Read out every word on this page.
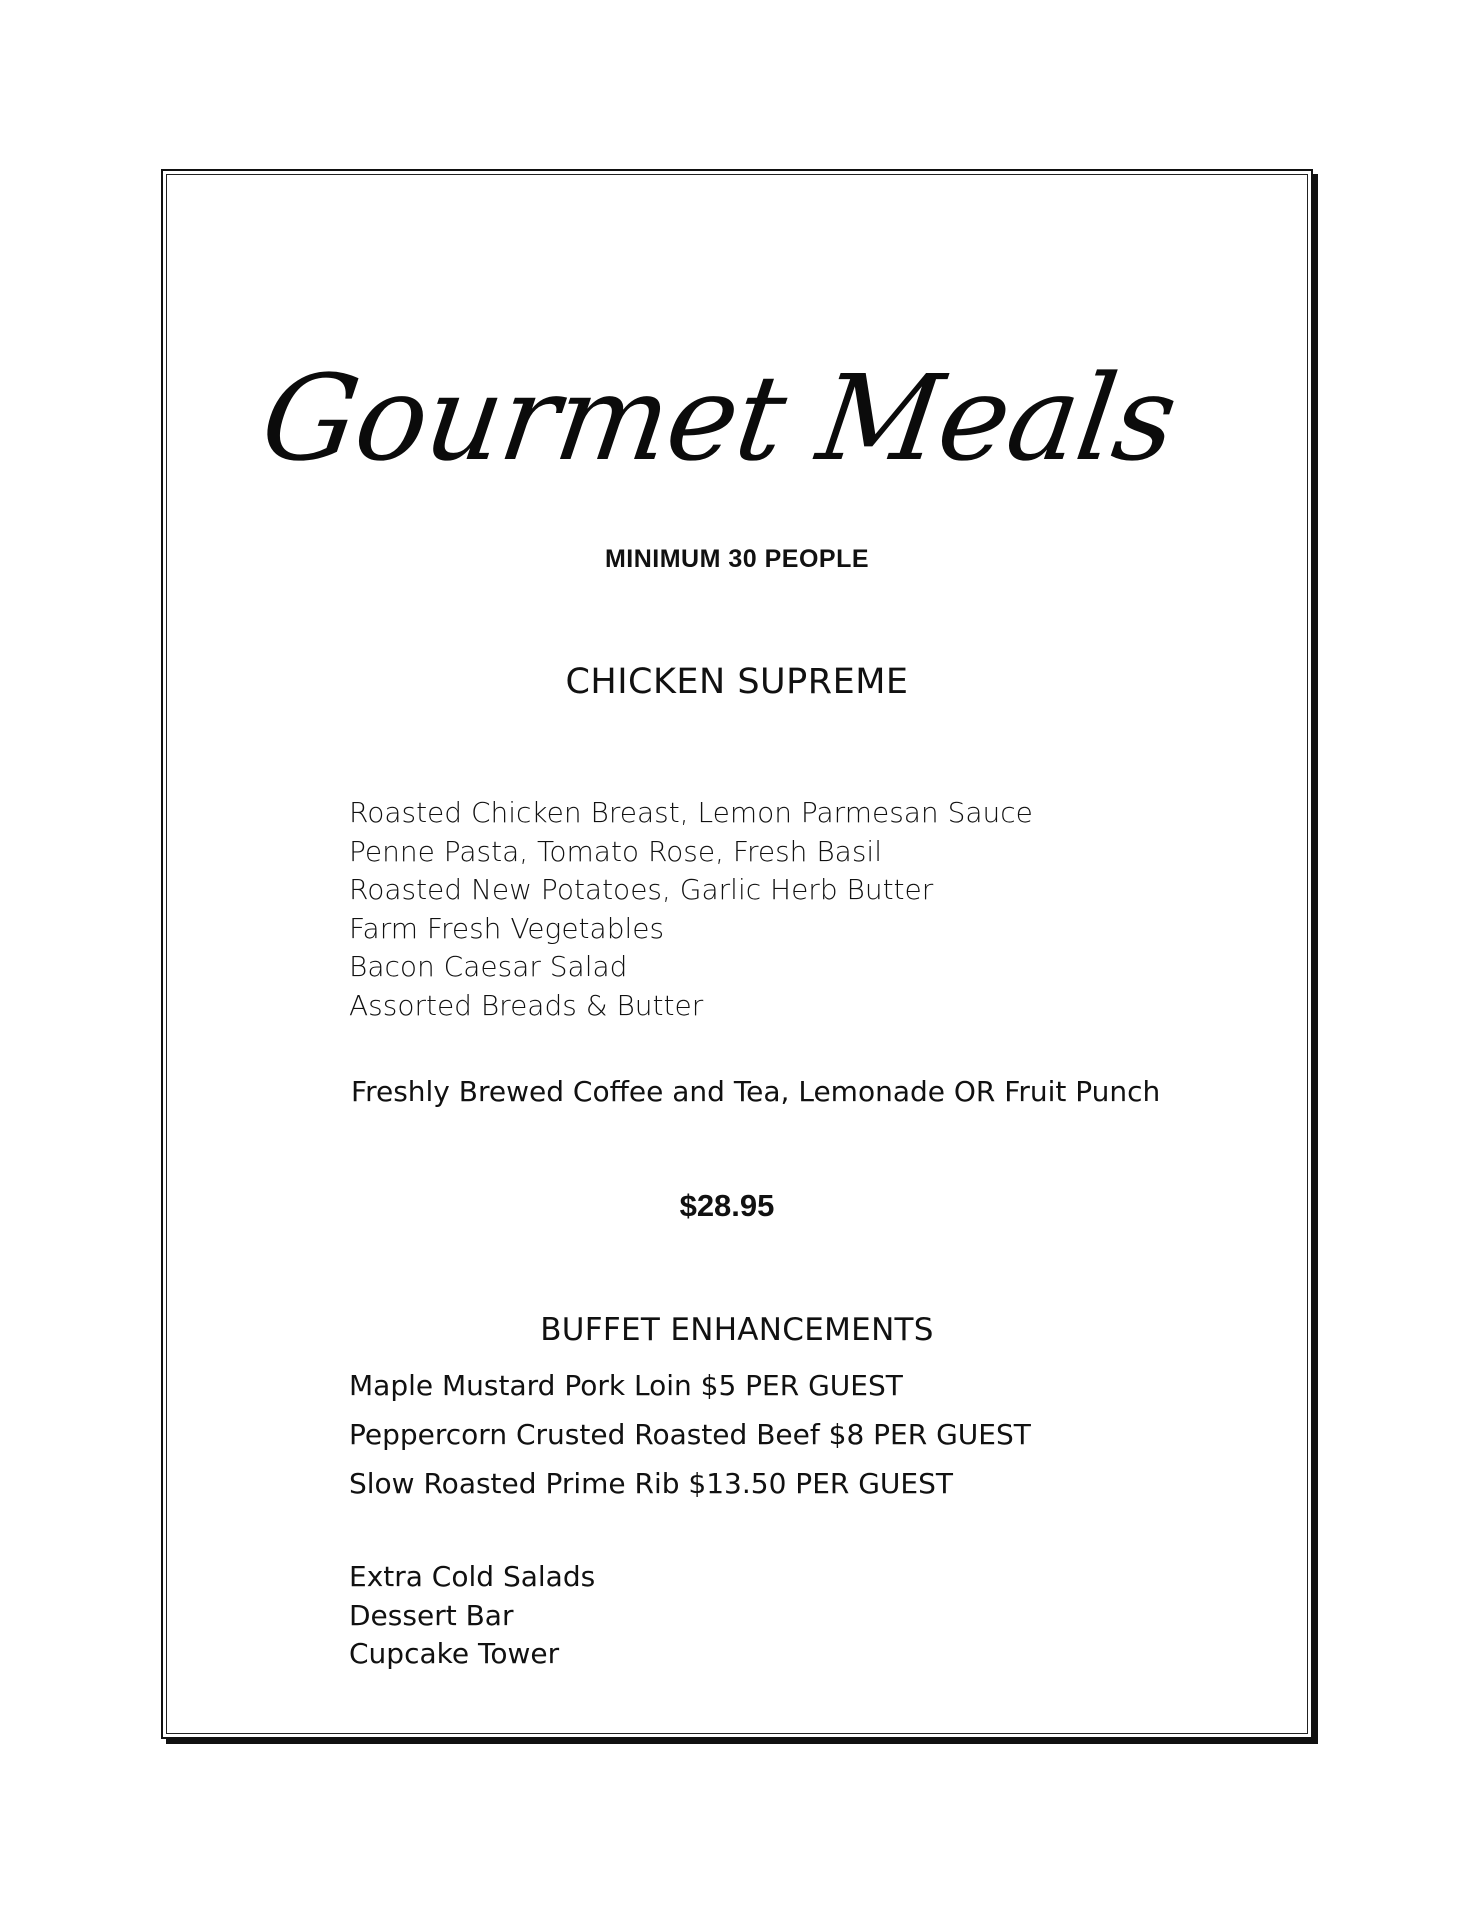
Gourmet Meals
MINIMUM 30 PEOPLE
CHICKEN SUPREME
Roasted Chicken Breast, Lemon Parmesan Sauce
Penne Pasta, Tomato Rose, Fresh Basil
Roasted New Potatoes, Garlic Herb Butter
Farm Fresh Vegetables
Bacon Caesar Salad
Assorted Breads & Butter
Freshly Brewed Coffee and Tea, Lemonade OR Fruit Punch
$28.95
BUFFET ENHANCEMENTS
Maple Mustard Pork Loin $5 PER GUEST
Peppercorn Crusted Roasted Beef $8 PER GUEST
Slow Roasted Prime Rib $13.50 PER GUEST
Extra Cold Salads
Dessert Bar
Cupcake Tower
